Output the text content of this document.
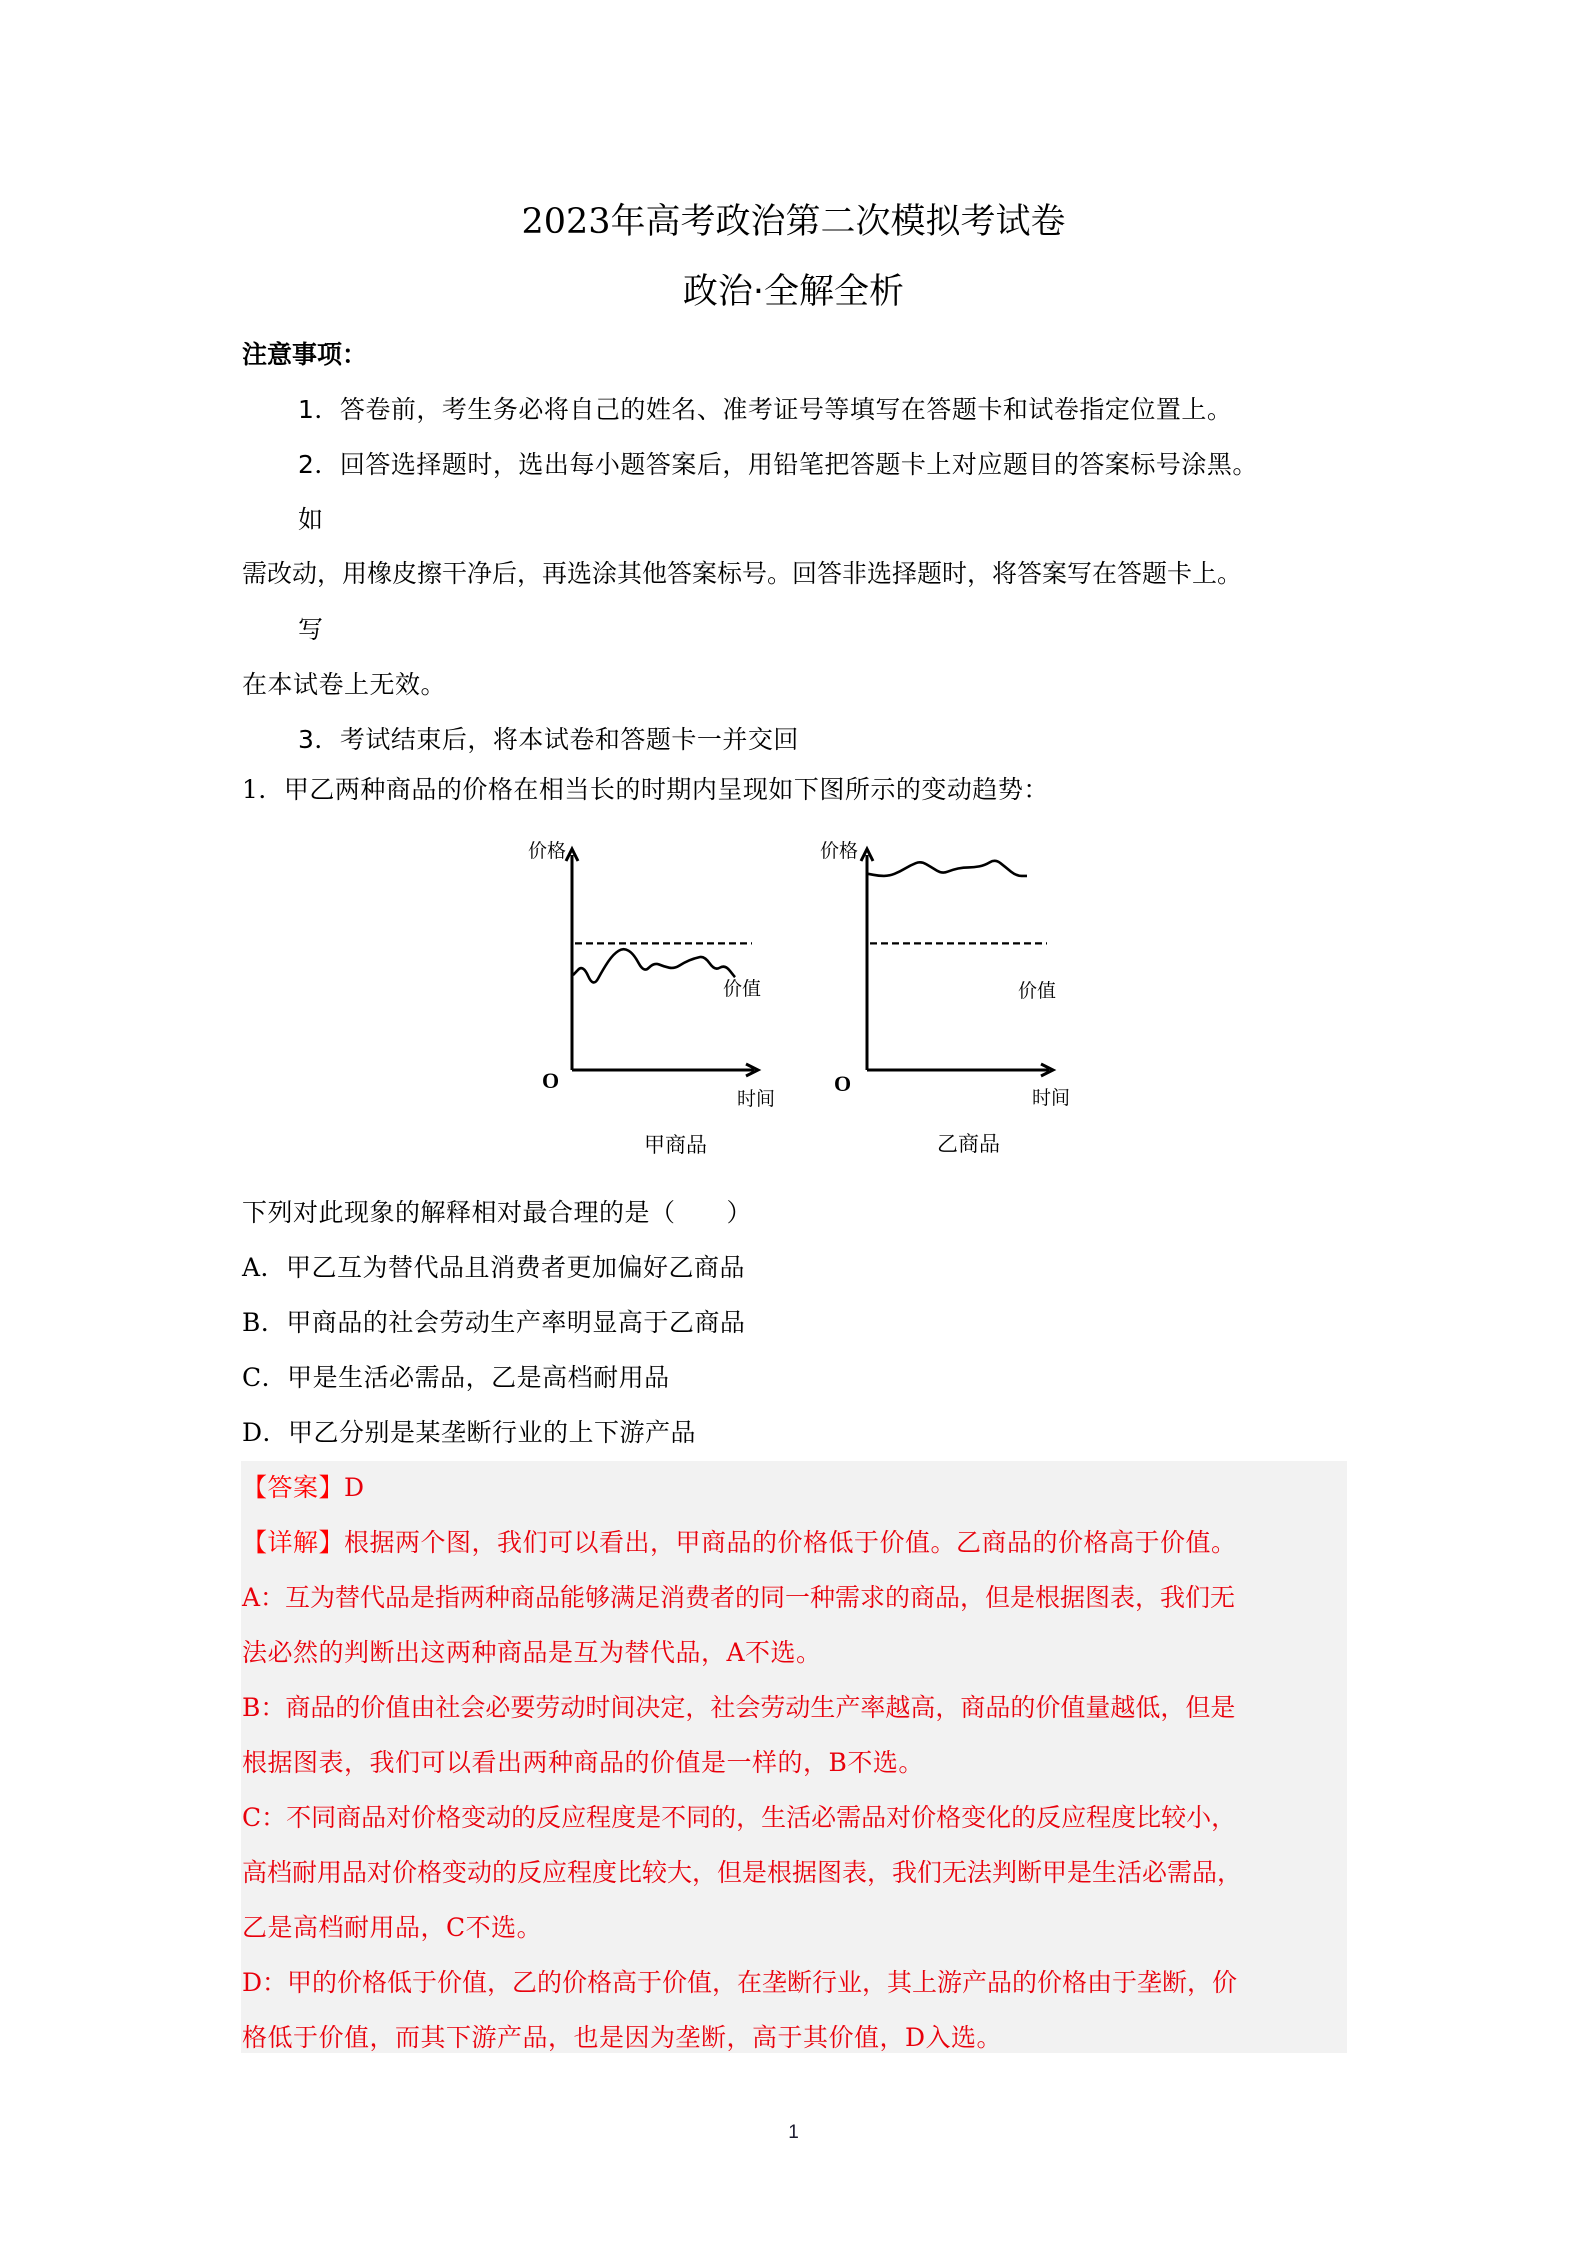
2023年高考政治第二次模拟考试卷
政治·全解全析
注意事项：
1．答卷前，考生务必将自己的姓名、准考证号等填写在答题卡和试卷指定位置上。
2．回答选择题时，选出每小题答案后，用铅笔把答题卡上对应题目的答案标号涂黑。
如
需改动，用橡皮擦干净后，再选涂其他答案标号。回答非选择题时，将答案写在答题卡上。
写
在本试卷上无效。
3．考试结束后，将本试卷和答题卡一并交回
1．甲乙两种商品的价格在相当长的时期内呈现如下图所示的变动趋势：
价格
价值
O
时间
甲商品
价格
价值
O
时间
乙商品
下列对此现象的解释相对最合理的是（　　）
A．甲乙互为替代品且消费者更加偏好乙商品
B．甲商品的社会劳动生产率明显高于乙商品
C．甲是生活必需品，乙是高档耐用品
D．甲乙分别是某垄断行业的上下游产品
【答案】D
【详解】根据两个图，我们可以看出，甲商品的价格低于价值。乙商品的价格高于价值。
A：互为替代品是指两种商品能够满足消费者的同一种需求的商品，但是根据图表，我们无
法必然的判断出这两种商品是互为替代品，A不选。
B：商品的价值由社会必要劳动时间决定，社会劳动生产率越高，商品的价值量越低，但是
根据图表，我们可以看出两种商品的价值是一样的，B不选。
C：不同商品对价格变动的反应程度是不同的，生活必需品对价格变化的反应程度比较小，
高档耐用品对价格变动的反应程度比较大，但是根据图表，我们无法判断甲是生活必需品，
乙是高档耐用品，C不选。
D：甲的价格低于价值，乙的价格高于价值，在垄断行业，其上游产品的价格由于垄断，价
格低于价值，而其下游产品，也是因为垄断，高于其价值，D入选。
1
